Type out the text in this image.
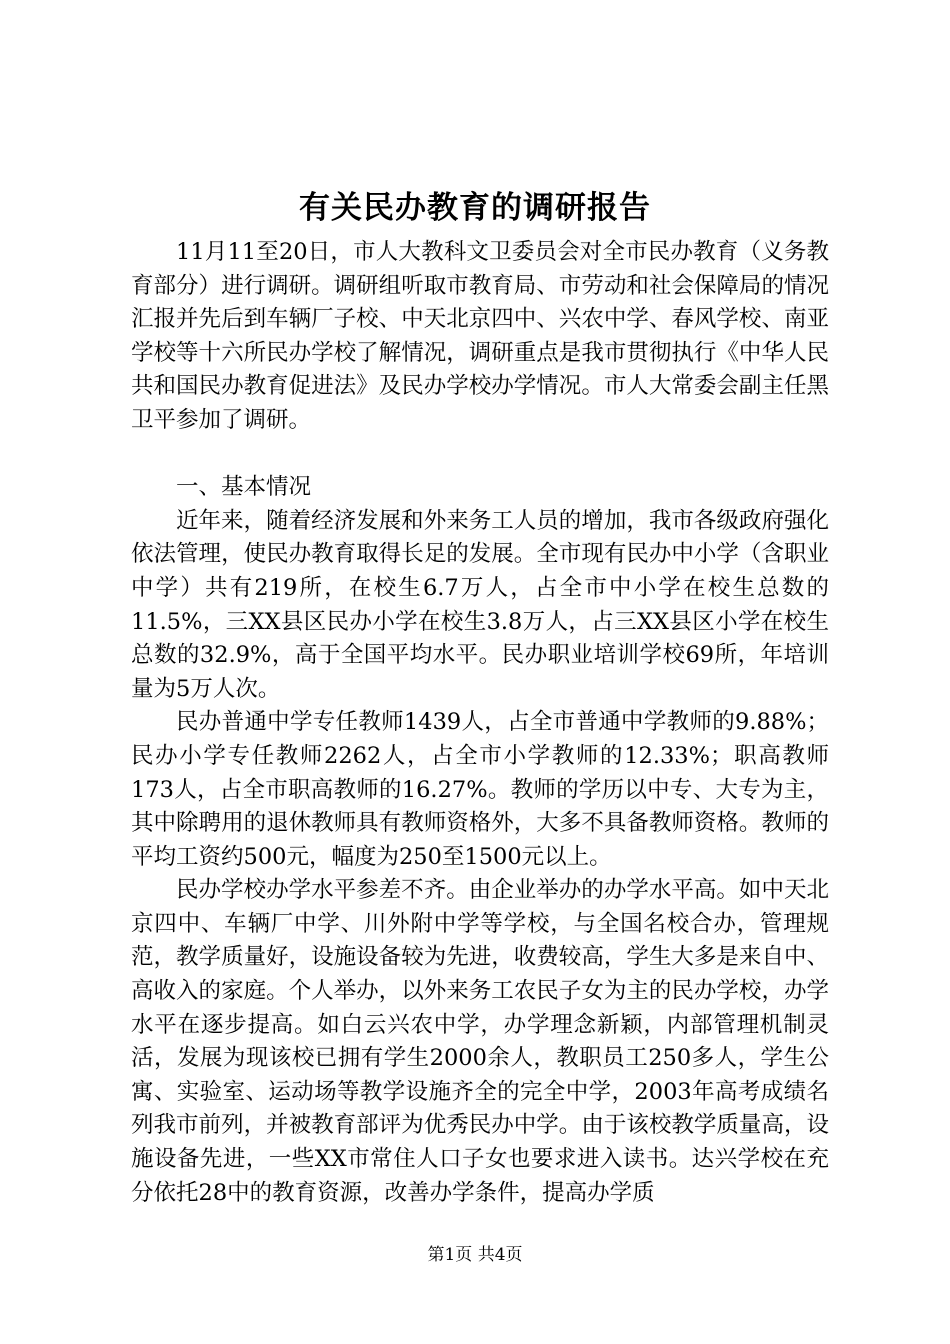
有关民办教育的调研报告

11月11至20日，市人大教科文卫委员会对全市民办教育（义务教育部分）进行调研。调研组听取市教育局、市劳动和社会保障局的情况汇报并先后到车辆厂子校、中天北京四中、兴农中学、春风学校、南亚学校等十六所民办学校了解情况，调研重点是我市贯彻执行《中华人民共和国民办教育促进法》及民办学校办学情况。市人大常委会副主任黑卫平参加了调研。

一、基本情况

近年来，随着经济发展和外来务工人员的增加，我市各级政府强化依法管理，使民办教育取得长足的发展。全市现有民办中小学（含职业中学）共有219所，在校生6.7万人，占全市中小学在校生总数的11.5%，三XX县区民办小学在校生3.8万人，占三XX县区小学在校生总数的32.9%，高于全国平均水平。民办职业培训学校69所，年培训量为5万人次。

民办普通中学专任教师1439人，占全市普通中学教师的9.88%；民办小学专任教师2262人，占全市小学教师的12.33%；职高教师173人，占全市职高教师的16.27%。教师的学历以中专、大专为主，其中除聘用的退休教师具有教师资格外，大多不具备教师资格。教师的平均工资约500元，幅度为250至1500元以上。

民办学校办学水平参差不齐。由企业举办的办学水平高。如中天北京四中、车辆厂中学、川外附中学等学校，与全国名校合办，管理规范，教学质量好，设施设备较为先进，收费较高，学生大多是来自中、高收入的家庭。个人举办，以外来务工农民子女为主的民办学校，办学水平在逐步提高。如白云兴农中学，办学理念新颖，内部管理机制灵活，发展为现该校已拥有学生2000余人，教职员工250多人，学生公寓、实验室、运动场等教学设施齐全的完全中学，2003年高考成绩名列我市前列，并被教育部评为优秀民办中学。由于该校教学质量高，设施设备先进，一些XX市常住人口子女也要求进入读书。达兴学校在充分依托28中的教育资源，改善办学条件，提高办学质

第1页 共4页
